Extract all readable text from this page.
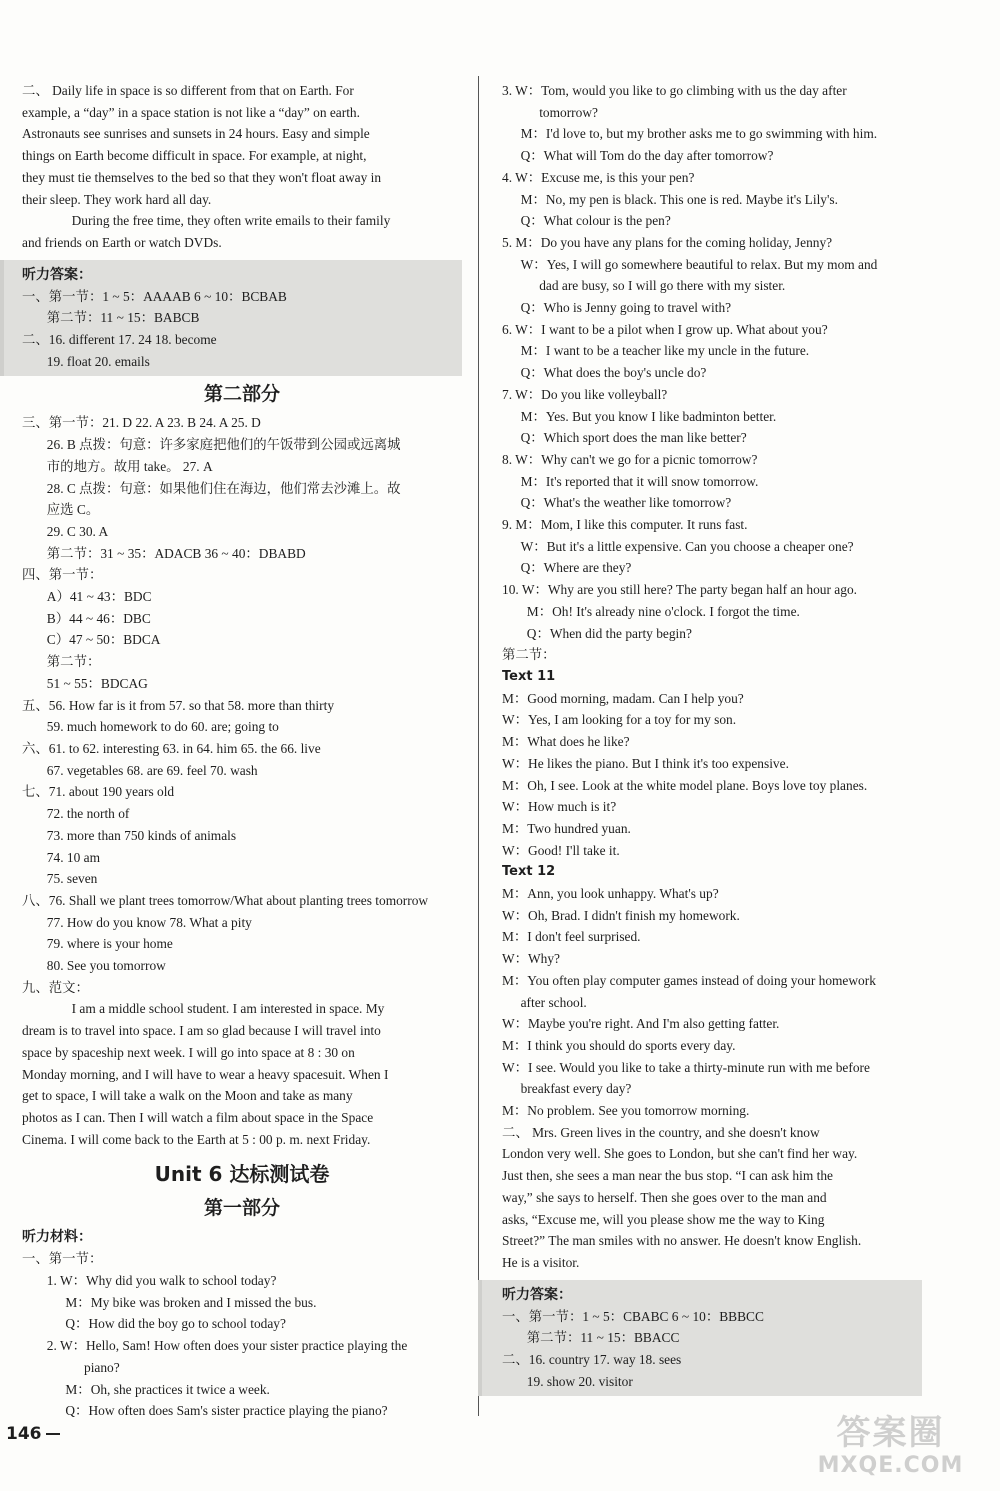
二、 Daily life in space is so different from that on Earth. For
example, a “day” in a space station is not like a “day” on earth.
Astronauts see sunrises and sunsets in 24 hours. Easy and simple
things on Earth become difficult in space. For example, at night,
they must tie themselves to the bed so that they won't float away in
their sleep. They work hard all day.
During the free time, they often write emails to their family
and friends on Earth or watch DVDs.
听力答案：
一、第一节：1 ~ 5：AAAAB 6 ~ 10：BCBAB
第二节：11 ~ 15：BABCB
二、16. different 17. 24 18. become
19. float 20. emails
第二部分
三、第一节：21. D 22. A 23. B 24. A 25. D
26. B 点拨：句意：许多家庭把他们的午饭带到公园或远离城
市的地方。故用 take。 27. A
28. C 点拨：句意：如果他们住在海边，他们常去沙滩上。故
应选 C。
29. C 30. A
第二节：31 ~ 35：ADACB 36 ~ 40：DBABD
四、第一节：
A）41 ~ 43：BDC
B）44 ~ 46：DBC
C）47 ~ 50：BDCA
第二节：
51 ~ 55：BDCAG
五、56. How far is it from 57. so that 58. more than thirty
59. much homework to do 60. are; going to
六、61. to 62. interesting 63. in 64. him 65. the 66. live
67. vegetables 68. are 69. feel 70. wash
七、71. about 190 years old
72. the north of
73. more than 750 kinds of animals
74. 10 am
75. seven
八、76. Shall we plant trees tomorrow/What about planting trees tomorrow
77. How do you know 78. What a pity
79. where is your home
80. See you tomorrow
九、范文：
I am a middle school student. I am interested in space. My
dream is to travel into space. I am so glad because I will travel into
space by spaceship next week. I will go into space at 8 : 30 on
Monday morning, and I will have to wear a heavy spacesuit. When I
get to space, I will take a walk on the Moon and take as many
photos as I can. Then I will watch a film about space in the Space
Cinema. I will come back to the Earth at 5 : 00 p. m. next Friday.
Unit 6 达标测试卷
第一部分
听力材料：
一、第一节：
1. W：Why did you walk to school today?
M：My bike was broken and I missed the bus.
Q：How did the boy go to school today?
2. W：Hello, Sam! How often does your sister practice playing the
piano?
M：Oh, she practices it twice a week.
Q：How often does Sam's sister practice playing the piano?
3. W：Tom, would you like to go climbing with us the day after
tomorrow?
M：I'd love to, but my brother asks me to go swimming with him.
Q：What will Tom do the day after tomorrow?
4. W：Excuse me, is this your pen?
M：No, my pen is black. This one is red. Maybe it's Lily's.
Q：What colour is the pen?
5. M：Do you have any plans for the coming holiday, Jenny?
W：Yes, I will go somewhere beautiful to relax. But my mom and
dad are busy, so I will go there with my sister.
Q：Who is Jenny going to travel with?
6. W：I want to be a pilot when I grow up. What about you?
M：I want to be a teacher like my uncle in the future.
Q：What does the boy's uncle do?
7. W：Do you like volleyball?
M：Yes. But you know I like badminton better.
Q：Which sport does the man like better?
8. W：Why can't we go for a picnic tomorrow?
M：It's reported that it will snow tomorrow.
Q：What's the weather like tomorrow?
9. M：Mom, I like this computer. It runs fast.
W：But it's a little expensive. Can you choose a cheaper one?
Q：Where are they?
10. W：Why are you still here? The party began half an hour ago.
M：Oh! It's already nine o'clock. I forgot the time.
Q：When did the party begin?
第二节：
Text 11
M：Good morning, madam. Can I help you?
W：Yes, I am looking for a toy for my son.
M：What does he like?
W：He likes the piano. But I think it's too expensive.
M：Oh, I see. Look at the white model plane. Boys love toy planes.
W：How much is it?
M：Two hundred yuan.
W：Good! I'll take it.
Text 12
M：Ann, you look unhappy. What's up?
W：Oh, Brad. I didn't finish my homework.
M：I don't feel surprised.
W：Why?
M：You often play computer games instead of doing your homework
after school.
W：Maybe you're right. And I'm also getting fatter.
M：I think you should do sports every day.
W：I see. Would you like to take a thirty-minute run with me before
breakfast every day?
M：No problem. See you tomorrow morning.
二、 Mrs. Green lives in the country, and she doesn't know
London very well. She goes to London, but she can't find her way.
Just then, she sees a man near the bus stop. “I can ask him the
way,” she says to herself. Then she goes over to the man and
asks, “Excuse me, will you please show me the way to King
Street?” The man smiles with no answer. He doesn't know English.
He is a visitor.
听力答案：
一、第一节：1 ~ 5：CBABC 6 ~ 10：BBBCC
第二节：11 ~ 15：BBACC
二、16. country 17. way 18. sees
19. show 20. visitor
146	答案圈
MXQE.COM
